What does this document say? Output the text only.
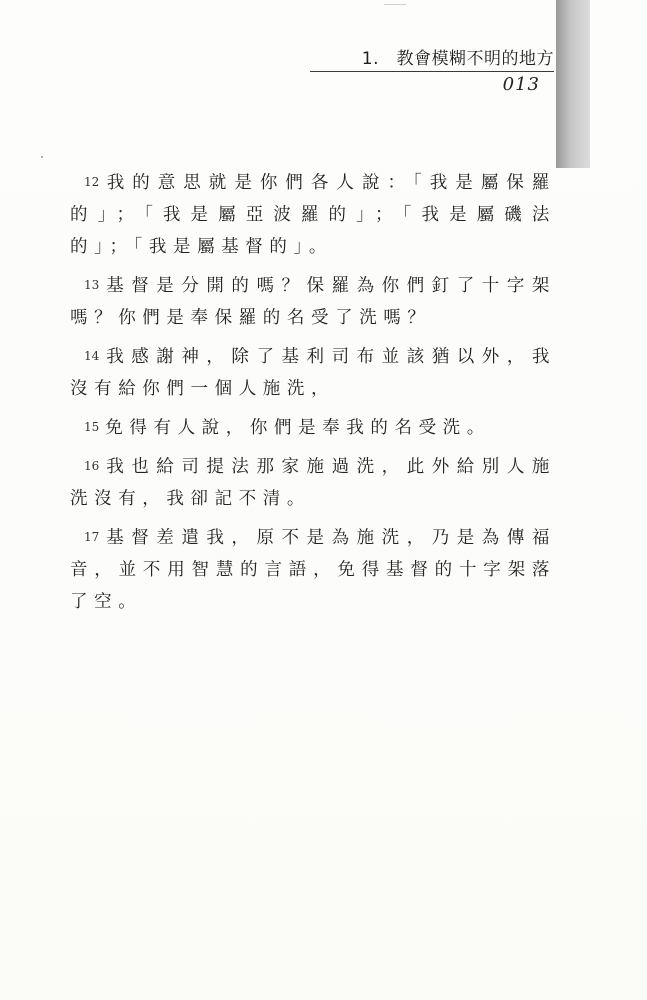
1.　教會模糊不明的地方
013

12 我的意思就是你們各人說：「我是屬保羅的」；「我是屬亞波羅的」；「我是屬磯法的」；「我是屬基督的」。

13 基督是分開的嗎？保羅為你們釘了十字架嗎？你們是奉保羅的名受了洗嗎？

14 我感謝神，除了基利司布並該猶以外，我沒有給你們一個人施洗，

15 免得有人說，你們是奉我的名受洗。

16 我也給司提法那家施過洗，此外給別人施洗沒有，我卻記不清。

17 基督差遣我，原不是為施洗，乃是為傳福音，並不用智慧的言語，免得基督的十字架落了空。
